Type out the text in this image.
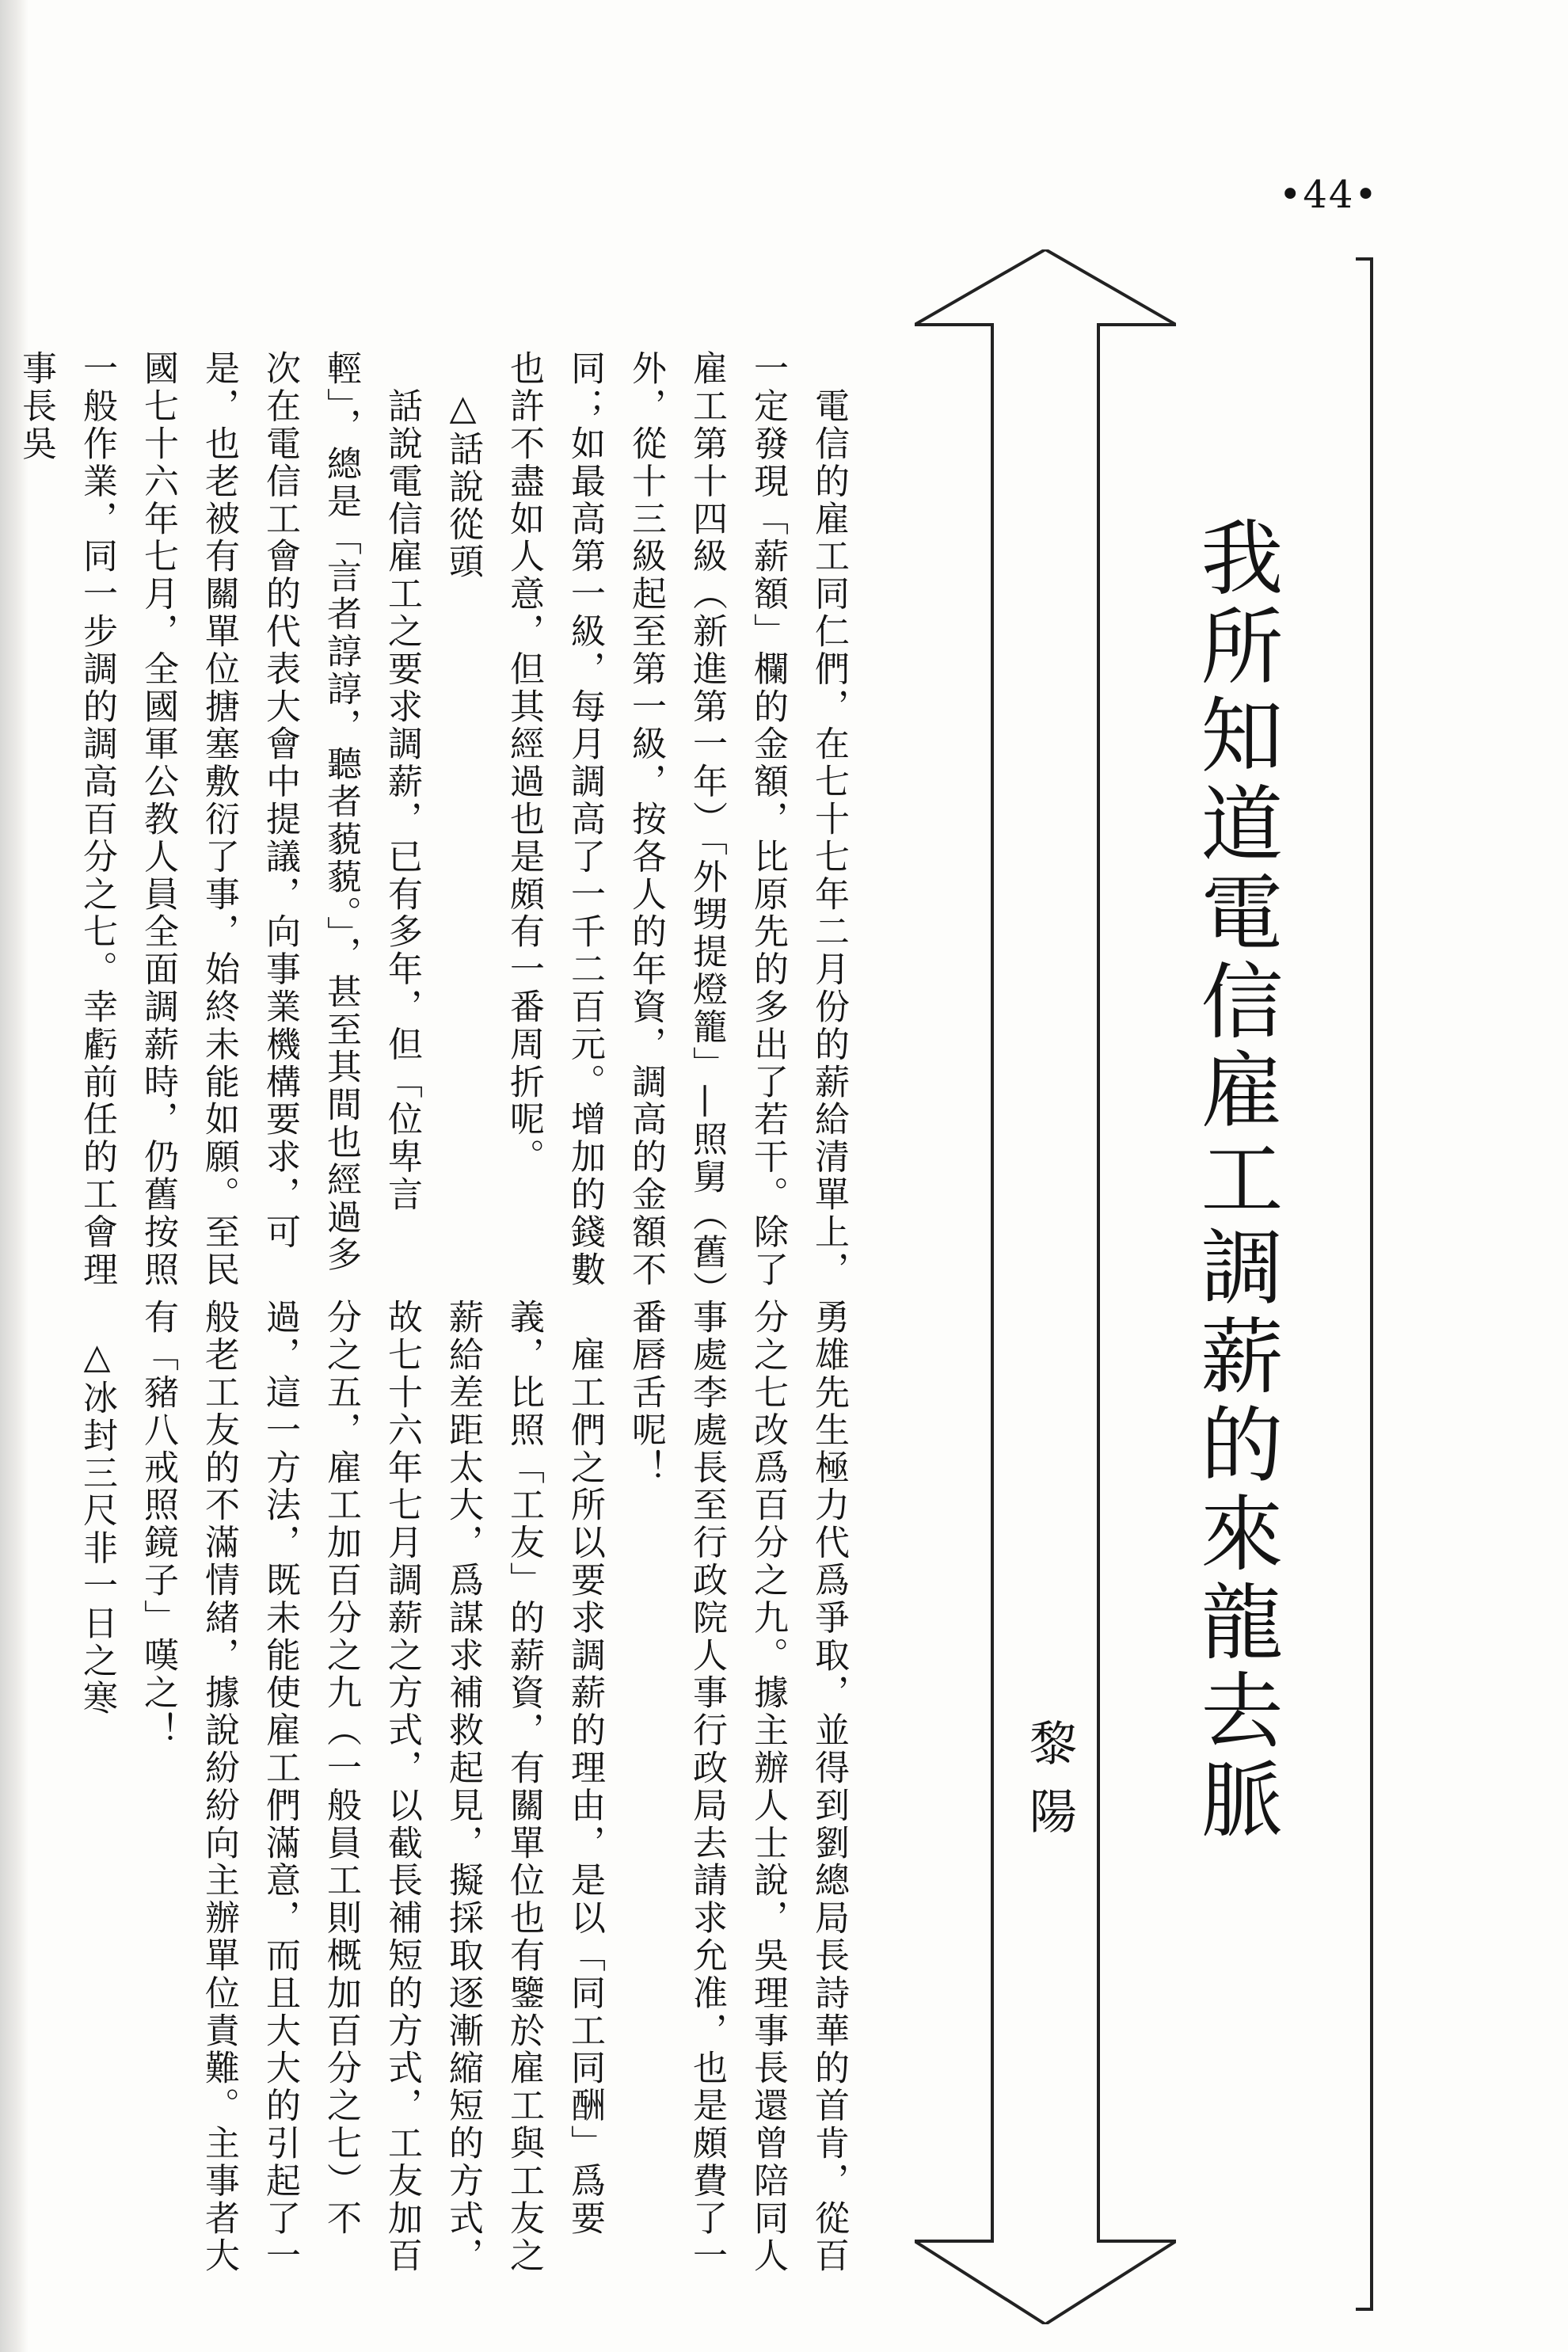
•44•
我所知道電信雇工調薪的來龍去脈
黎陽

　電信的雇工同仁們，在七十七年二月份的薪給清單上，一定發現「薪額」欄的金額，比原先的多出了若干。除了雇工第十四級（新進第一年）「外甥提燈籠」—照舅（舊）外，從十三級起至第一級，按各人的年資，調高的金額不同；如最高第一級，每月調高了一千二百元。增加的錢數也許不盡如人意，但其經過也是頗有一番周折呢。

　△話說從頭

　話說電信雇工之要求調薪，已有多年，但「位卑言輕」，總是「言者諄諄，聽者藐藐。」，甚至其間也經過多次在電信工會的代表大會中提議，向事業機構要求，可是，也老被有關單位搪塞敷衍了事，始終未能如願。至民國七十六年七月，全國軍公教人員全面調薪時，仍舊按照一般作業，同一步調的調高百分之七。幸虧前任的工會理事長吳

勇雄先生極力代爲爭取，並得到劉總局長詩華的首肯，從百分之七改爲百分之九。據主辦人士說，吳理事長還曾陪同人事處李處長至行政院人事行政局去請求允准，也是頗費了一番唇舌呢！

　雇工們之所以要求調薪的理由，是以「同工同酬」爲要義，比照「工友」的薪資，有關單位也有鑒於雇工與工友之薪給差距太大，爲謀求補救起見，擬採取逐漸縮短的方式，故七十六年七月調薪之方式，以截長補短的方式，工友加百分之五，雇工加百分之九（一般員工則概加百分之七）不過，這一方法，既未能使雇工們滿意，而且大大的引起了一般老工友的不滿情緒，據說紛紛向主辦單位責難。主事者大有「豬八戒照鏡子」嘆之！

　△冰封三尺非一日之寒
